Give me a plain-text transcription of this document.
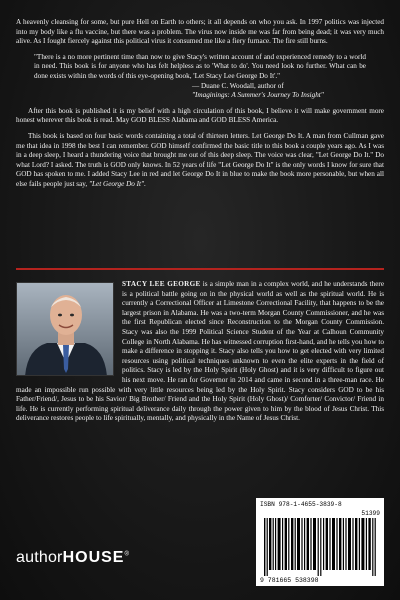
A heavenly cleansing for some, but pure Hell on Earth to others; it all depends on who you ask. In 1997 politics was injected into my body like a flu vaccine, but there was a problem. The virus now inside me was far from being dead; it was very much alive. As I fought fiercely against this political virus it consumed me like a fiery furnace. The fire still burns.

"There is a no more pertinent time than now to give Stacy's written account of and experienced remedy to a world in need. This book is for anyone who has felt helpless as to 'What to do'. You need look no further. What can be done exists within the words of this eye-opening book, 'Let Stacy Lee George Do It'."

— Duane C. Woodall, author of
"Imaginings: A Summer's Journey To Insight"

After this book is published it is my belief with a high circulation of this book, I believe it will make government more honest wherever this book is read. May GOD BLESS Alabama and GOD BLESS America.

This book is based on four basic words containing a total of thirteen letters. Let George Do It. A man from Cullman gave me that idea in 1998 the best I can remember. GOD himself confirmed the basic title to this book a couple years ago. As I was in a deep sleep, I heard a thundering voice that brought me out of this deep sleep. The voice was clear, "Let George Do It." Do what Lord? I asked. The truth is GOD only knows. In 52 years of life "Let George Do It" is the only words I know for sure that GOD has spoken to me. I added Stacy Lee in red and let George Do It in blue to make the book more personable, but when all else fails people just say, "Let George Do It".

STACY LEE GEORGE is a simple man in a complex world, and he understands there is a political battle going on in the physical world as well as the spiritual world. He is currently a Correctional Officer at Limestone Correctional Facility, that happens to be the largest prison in Alabama. He was a two-term Morgan County Commissioner, and he was the first Republican elected since Reconstruction to the Morgan County Commission. Stacy was also the 1999 Political Science Student of the Year at Calhoun Community College in North Alabama. He has witnessed corruption first-hand, and he tells you how to make a difference in stopping it. Stacy also tells you how to get elected with very limited resources using political techniques unknown to even the elite experts in the field of politics. Stacy is led by the Holy Spirit (Holy Ghost) and it is very difficult to figure out his next move. He ran for Governor in 2014 and came in second in a three-man race. He made an impossible run possible with very little resources being led by the Holy Spirit. Stacy considers GOD to be his Father/Friend/, Jesus to be his Savior/ Big Brother/ Friend and the Holy Spirit (Holy Ghost)/ Comforter/ Convictor/ Friend in life. He is currently performing spiritual deliverance daily through the power given to him by the blood of Jesus Christ. This deliverance restores people to life spiritually, mentally, and physically in the Name of Jesus Christ.

authorHOUSE®
ISBN 978-1-4655-3839-8
51399
9 781665 538398
